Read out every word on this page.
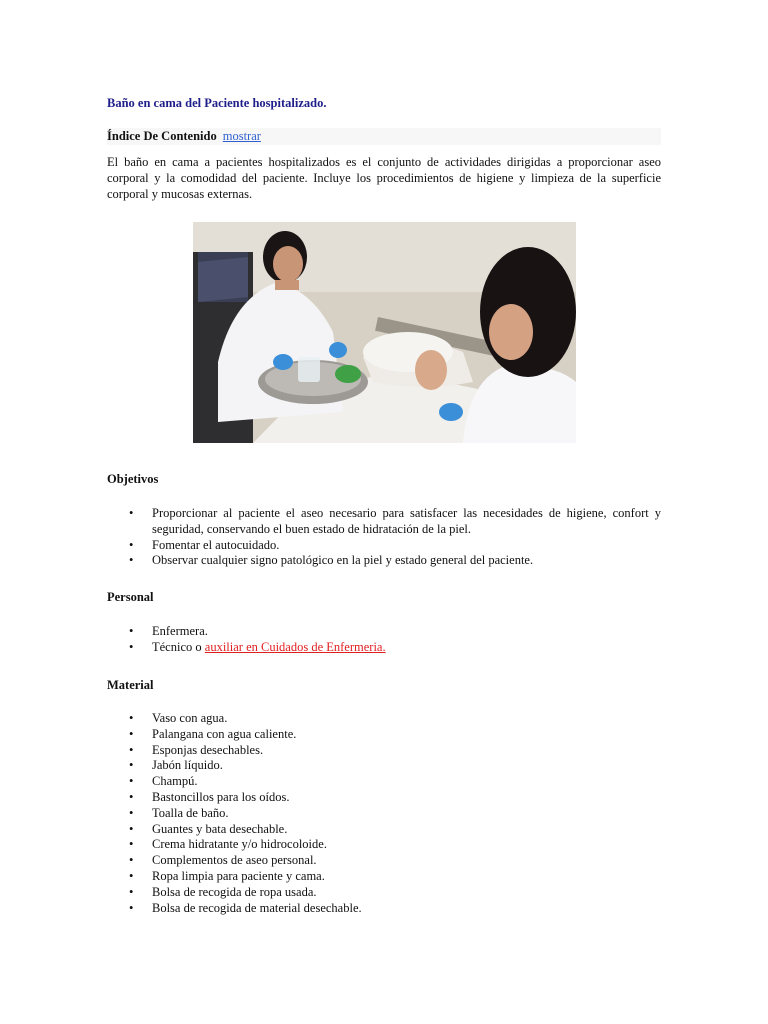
Baño en cama del Paciente hospitalizado.
Índice De Contenido mostrar
El baño en cama a pacientes hospitalizados es el conjunto de actividades dirigidas a proporcionar aseo corporal y la comodidad del paciente. Incluye los procedimientos de higiene y limpieza de la superficie corporal y mucosas externas.
Objetivos
• Proporcionar al paciente el aseo necesario para satisfacer las necesidades de higiene, confort y seguridad, conservando el buen estado de hidratación de la piel.
• Fomentar el autocuidado.
• Observar cualquier signo patológico en la piel y estado general del paciente.
Personal
• Enfermera.
• Técnico o auxiliar en Cuidados de Enfermeria.
Material
• Vaso con agua.
• Palangana con agua caliente.
• Esponjas desechables.
• Jabón líquido.
• Champú.
• Bastoncillos para los oídos.
• Toalla de baño.
• Guantes y bata desechable.
• Crema hidratante y/o hidrocoloide.
• Complementos de aseo personal.
• Ropa limpia para paciente y cama.
• Bolsa de recogida de ropa usada.
• Bolsa de recogida de material desechable.
